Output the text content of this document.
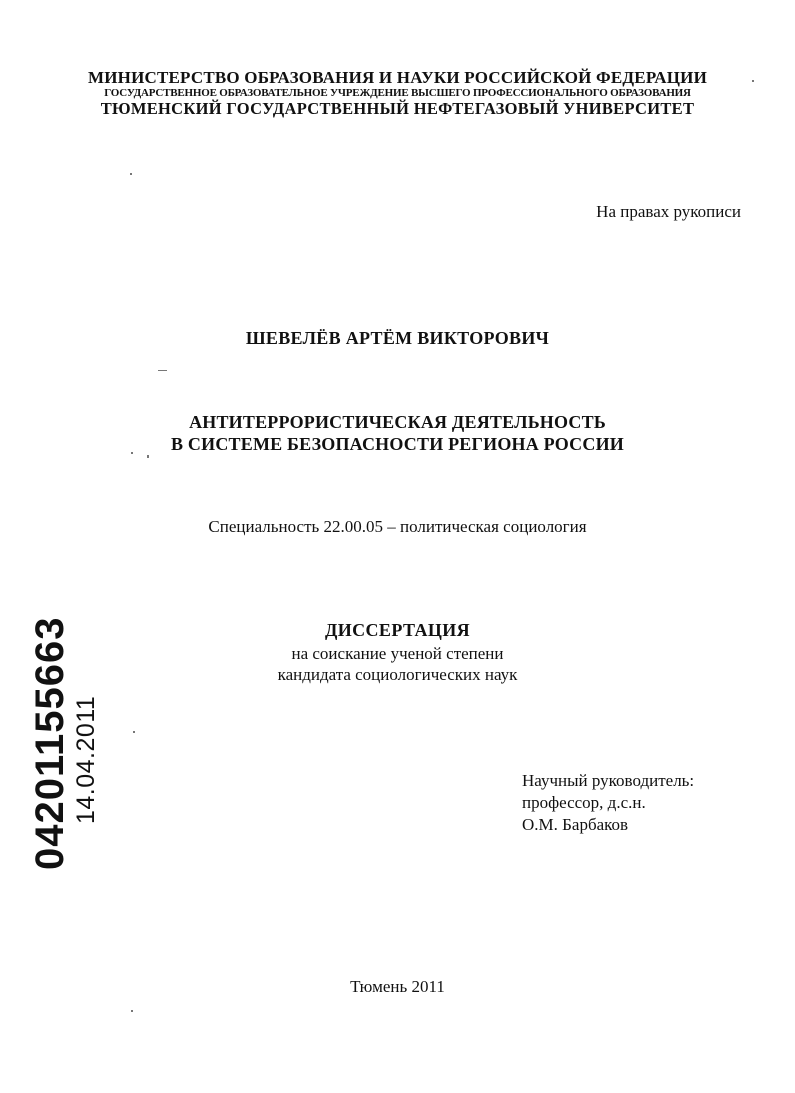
МИНИСТЕРСТВО ОБРАЗОВАНИЯ И НАУКИ РОССИЙСКОЙ ФЕДЕРАЦИИ
ГОСУДАРСТВЕННОЕ ОБРАЗОВАТЕЛЬНОЕ УЧРЕЖДЕНИЕ ВЫСШЕГО ПРОФЕССИОНАЛЬНОГО ОБРАЗОВАНИЯ
ТЮМЕНСКИЙ ГОСУДАРСТВЕННЫЙ НЕФТЕГАЗОВЫЙ УНИВЕРСИТЕТ
На правах рукописи
ШЕВЕЛЁВ АРТЁМ ВИКТОРОВИЧ
АНТИТЕРРОРИСТИЧЕСКАЯ ДЕЯТЕЛЬНОСТЬ
В СИСТЕМЕ БЕЗОПАСНОСТИ РЕГИОНА РОССИИ
Специальность 22.00.05 – политическая социология
ДИССЕРТАЦИЯ
на соискание ученой степени
кандидата социологических наук
Научный руководитель:
профессор, д.с.н.
О.М. Барбаков
Тюмень 2011
04201155663 14.04.2011
